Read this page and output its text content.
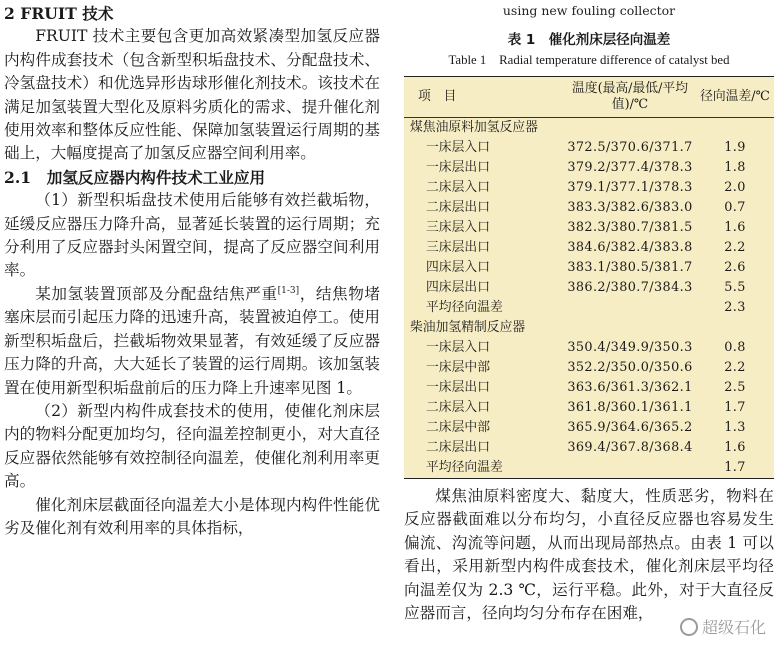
2 FRUIT 技术

FRUIT 技术主要包含更加高效紧凑型加氢反应器内构件成套技术（包含新型积垢盘技术、分配盘技术、冷氢盘技术）和优选异形齿球形催化剂技术。该技术在满足加氢装置大型化及原料劣质化的需求、提升催化剂使用效率和整体反应性能、保障加氢装置运行周期的基础上，大幅度提高了加氢反应器空间利用率。

2.1　加氢反应器内构件技术工业应用

（1）新型积垢盘技术使用后能够有效拦截垢物，延缓反应器压力降升高，显著延长装置的运行周期；充分利用了反应器封头闲置空间，提高了反应器空间利用率。

某加氢装置顶部及分配盘结焦严重[1-3]，结焦物堵塞床层而引起压力降的迅速升高，装置被迫停工。使用新型积垢盘后，拦截垢物效果显著，有效延缓了反应器压力降的升高，大大延长了装置的运行周期。该加氢装置在使用新型积垢盘前后的压力降上升速率见图 1。

（2）新型内构件成套技术的使用，使催化剂床层内的物料分配更加均匀，径向温差控制更小，对大直径反应器依然能够有效控制径向温差，使催化剂利用率更高。

催化剂床层截面径向温差大小是体现内构件性能优劣及催化剂有效利用率的具体指标，

using new fouling collector
表 1　催化剂床层径向温差
Table 1　Radial temperature difference of catalyst bed
项　目	温度(最高/最低/平均值)/℃	径向温差/℃
煤焦油原料加氢反应器		
一床层入口	372.5/370.6/371.7	1.9
一床层出口	379.2/377.4/378.3	1.8
二床层入口	379.1/377.1/378.3	2.0
二床层出口	383.3/382.6/383.0	0.7
三床层入口	382.3/380.7/381.5	1.6
三床层出口	384.6/382.4/383.8	2.2
四床层入口	383.1/380.5/381.7	2.6
四床层出口	386.2/380.7/384.3	5.5
平均径向温差		2.3
柴油加氢精制反应器		
一床层入口	350.4/349.9/350.3	0.8
一床层中部	352.2/350.0/350.6	2.2
一床层出口	363.6/361.3/362.1	2.5
二床层入口	361.8/360.1/361.1	1.7
二床层中部	365.9/364.6/365.2	1.3
二床层出口	369.4/367.8/368.4	1.6
平均径向温差		1.7

煤焦油原料密度大、黏度大，性质恶劣，物料在反应器截面难以分布均匀，小直径反应器也容易发生偏流、沟流等问题，从而出现局部热点。由表 1 可以看出，采用新型内构件成套技术，催化剂床层平均径向温差仅为 2.3 ℃，运行平稳。此外，对于大直径反应器而言，径向均匀分布存在困难，

超级石化
